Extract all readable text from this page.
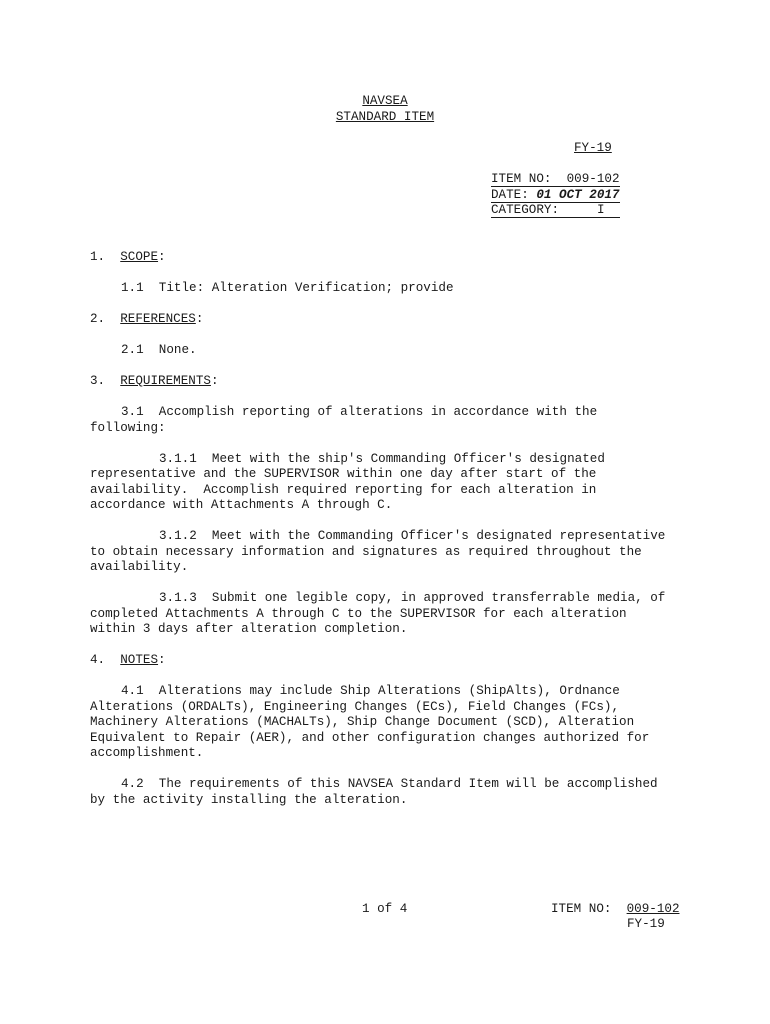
NAVSEA
STANDARD ITEM
FY-19
ITEM NO: 009-102
DATE: 01 OCT 2017
CATEGORY:	I
1. SCOPE:
1.1  Title: Alteration Verification; provide
2. REFERENCES:
2.1  None.
3. REQUIREMENTS:
3.1  Accomplish reporting of alterations in accordance with the
following:
3.1.1  Meet with the ship's Commanding Officer's designated
representative and the SUPERVISOR within one day after start of the
availability.  Accomplish required reporting for each alteration in
accordance with Attachments A through C.
3.1.2  Meet with the Commanding Officer's designated representative
to obtain necessary information and signatures as required throughout the
availability.
3.1.3  Submit one legible copy, in approved transferrable media, of
completed Attachments A through C to the SUPERVISOR for each alteration
within 3 days after alteration completion.
4. NOTES:
4.1  Alterations may include Ship Alterations (ShipAlts), Ordnance
Alterations (ORDALTs), Engineering Changes (ECs), Field Changes (FCs),
Machinery Alterations (MACHALTs), Ship Change Document (SCD), Alteration
Equivalent to Repair (AER), and other configuration changes authorized for
accomplishment.
4.2  The requirements of this NAVSEA Standard Item will be accomplished
by the activity installing the alteration.
1 of 4	ITEM NO: 009-102
FY-19
